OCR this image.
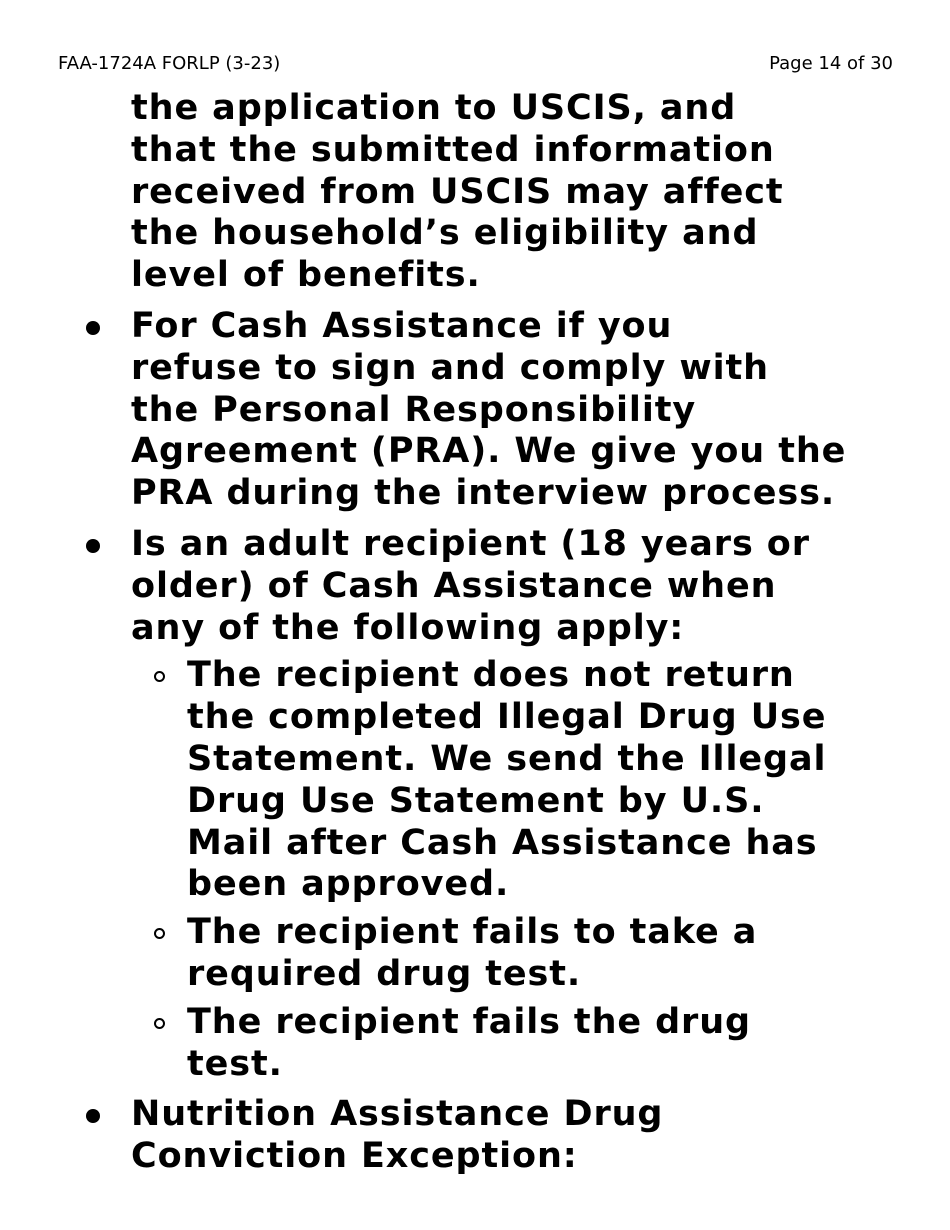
FAA-1724A FORLP (3-23)	Page 14 of 30
the application to USCIS, and
that the submitted information
received from USCIS may affect
the household’s eligibility and
level of benefits.
For Cash Assistance if you
refuse to sign and comply with
the Personal Responsibility
Agreement (PRA). We give you the
PRA during the interview process.
Is an adult recipient (18 years or
older) of Cash Assistance when
any of the following apply:
The recipient does not return
the completed Illegal Drug Use
Statement. We send the Illegal
Drug Use Statement by U.S.
Mail after Cash Assistance has
been approved.
The recipient fails to take a
required drug test.
The recipient fails the drug
test.
Nutrition Assistance Drug
Conviction Exception:
